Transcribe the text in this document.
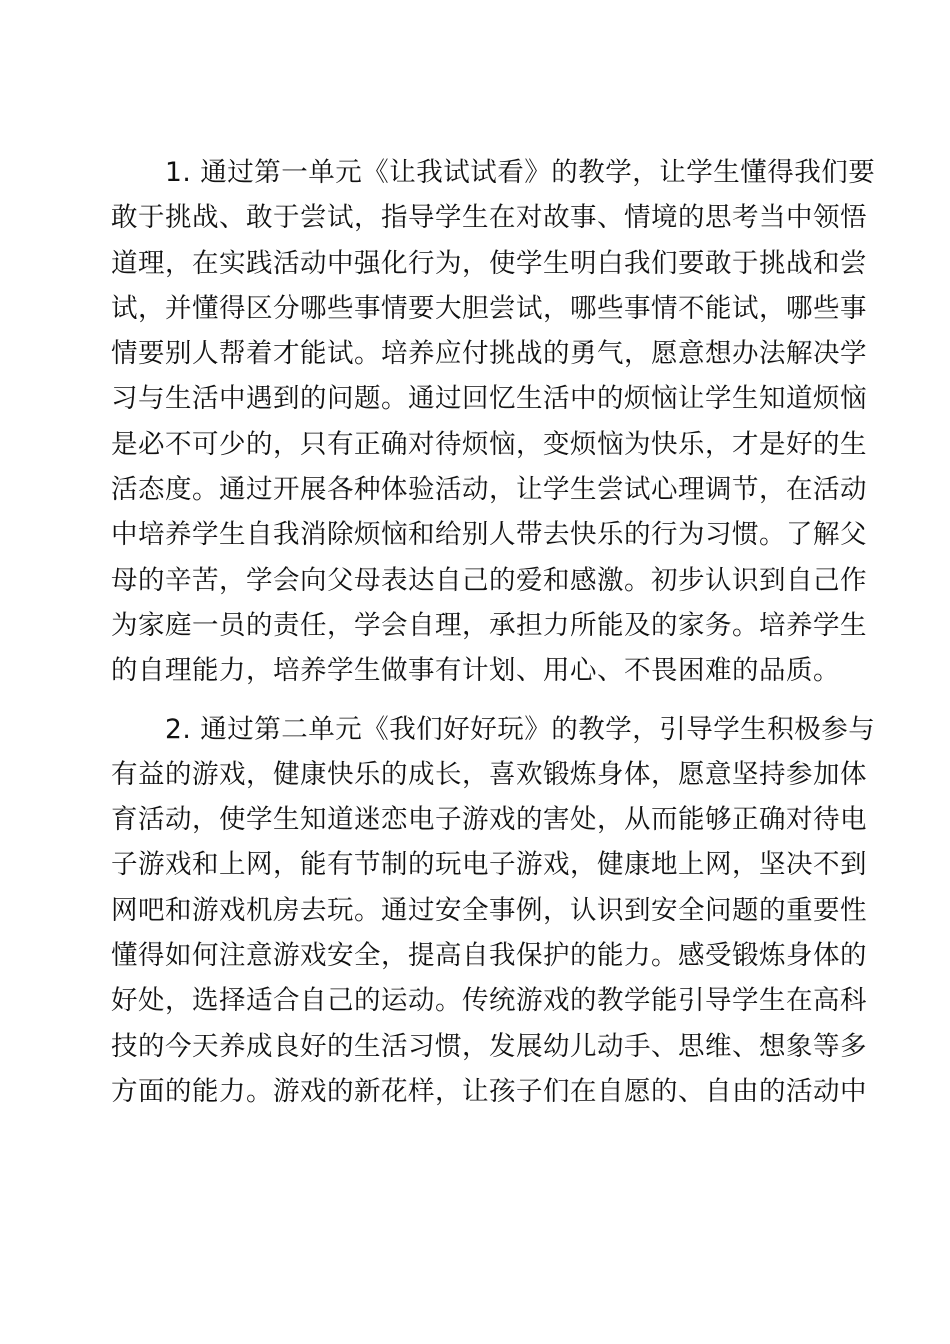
　　1. 通过第一单元《让我试试看》的教学，让学生懂得我们要
敢于挑战、敢于尝试，指导学生在对故事、情境的思考当中领悟
道理，在实践活动中强化行为，使学生明白我们要敢于挑战和尝
试，并懂得区分哪些事情要大胆尝试，哪些事情不能试，哪些事
情要别人帮着才能试。培养应付挑战的勇气，愿意想办法解决学
习与生活中遇到的问题。通过回忆生活中的烦恼让学生知道烦恼
是必不可少的，只有正确对待烦恼，变烦恼为快乐，才是好的生
活态度。通过开展各种体验活动，让学生尝试心理调节，在活动
中培养学生自我消除烦恼和给别人带去快乐的行为习惯。了解父
母的辛苦，学会向父母表达自己的爱和感激。初步认识到自己作
为家庭一员的责任，学会自理，承担力所能及的家务。培养学生
的自理能力，培养学生做事有计划、用心、不畏困难的品质。

　　2. 通过第二单元《我们好好玩》的教学，引导学生积极参与
有益的游戏，健康快乐的成长，喜欢锻炼身体，愿意坚持参加体
育活动，使学生知道迷恋电子游戏的害处，从而能够正确对待电
子游戏和上网，能有节制的玩电子游戏，健康地上网，坚决不到
网吧和游戏机房去玩。通过安全事例，认识到安全问题的重要性
懂得如何注意游戏安全，提高自我保护的能力。感受锻炼身体的
好处，选择适合自己的运动。传统游戏的教学能引导学生在高科
技的今天养成良好的生活习惯，发展幼儿动手、思维、想象等多
方面的能力。游戏的新花样，让孩子们在自愿的、自由的活动中
